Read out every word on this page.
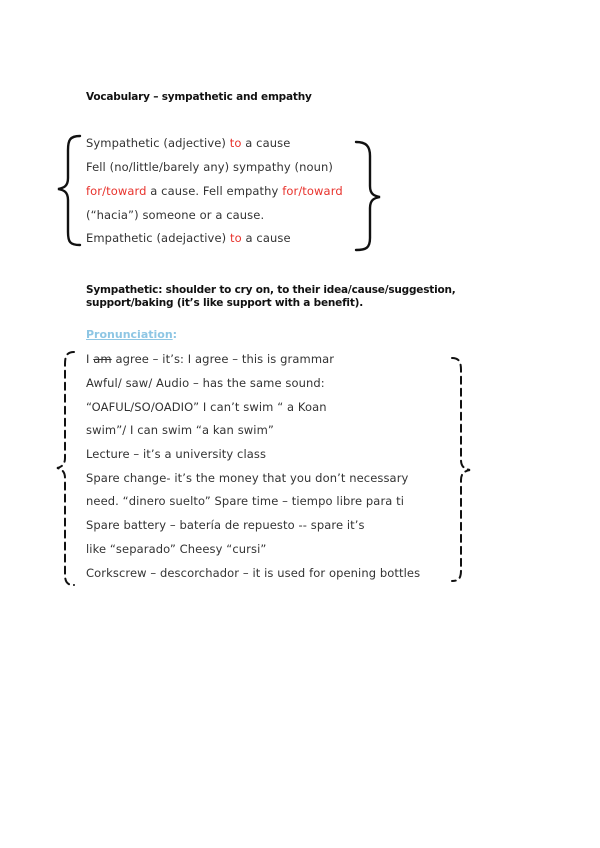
Vocabulary – sympathetic and empathy
Sympathetic (adjective) to a cause
Fell (no/little/barely any) sympathy (noun)
for/toward a cause. Fell empathy for/toward
(“hacia”) someone or a cause.
Empathetic (adejactive) to a cause
Sympathetic: shoulder to cry on, to their idea/cause/suggestion, support/baking (it’s like support with a benefit).
Pronunciation:
I am agree – it’s: I agree – this is grammar
Awful/ saw/ Audio – has the same sound:
“OAFUL/SO/OADIO” I can’t swim “ a Koan
swim”/ I can swim “a kan swim”
Lecture – it’s a university class
Spare change- it’s the money that you don’t necessary
need. “dinero suelto” Spare time – tiempo libre para ti
Spare battery – batería de repuesto -- spare it’s
like “separado” Cheesy “cursi”
Corkscrew – descorchador – it is used for opening bottles
